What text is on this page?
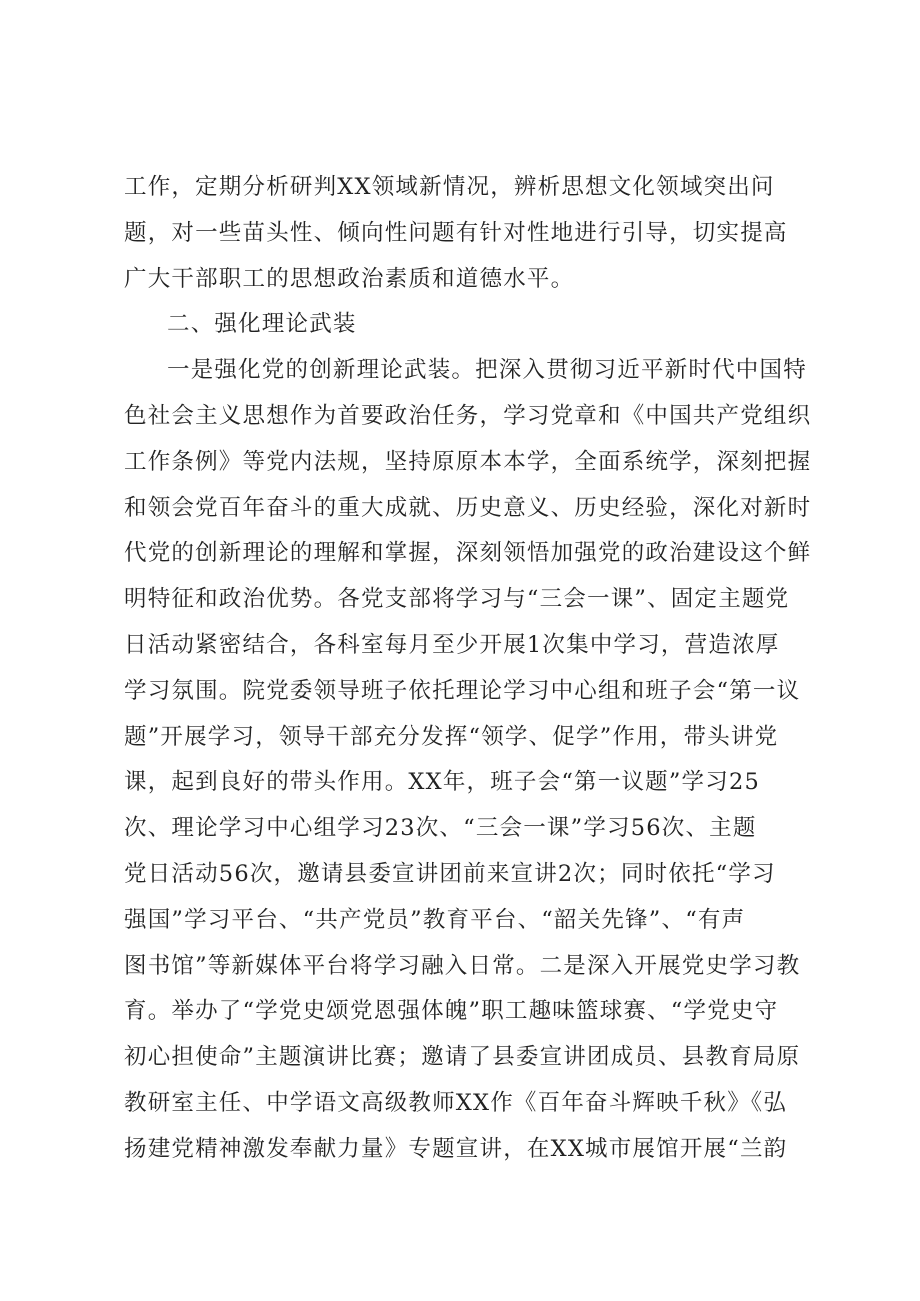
工作，定期分析研判XX领域新情况，辨析思想文化领域突出问
题，对一些苗头性、倾向性问题有针对性地进行引导，切实提高
广大干部职工的思想政治素质和道德水平。
二、强化理论武装
一是强化党的创新理论武装。把深入贯彻习近平新时代中国特
色社会主义思想作为首要政治任务，学习党章和《中国共产党组织
工作条例》等党内法规，坚持原原本本学，全面系统学，深刻把握
和领会党百年奋斗的重大成就、历史意义、历史经验，深化对新时
代党的创新理论的理解和掌握，深刻领悟加强党的政治建设这个鲜
明特征和政治优势。各党支部将学习与“三会一课”、固定主题党
日活动紧密结合，各科室每月至少开展1次集中学习，营造浓厚
学习氛围。院党委领导班子依托理论学习中心组和班子会“第一议
题”开展学习，领导干部充分发挥“领学、促学”作用，带头讲党
课，起到良好的带头作用。XX年，班子会“第一议题”学习25
次、理论学习中心组学习23次、“三会一课”学习56次、主题
党日活动56次，邀请县委宣讲团前来宣讲2次；同时依托“学习
强国”学习平台、“共产党员”教育平台、“韶关先锋”、“有声
图书馆”等新媒体平台将学习融入日常。二是深入开展党史学习教
育。举办了“学党史颂党恩强体魄”职工趣味篮球赛、“学党史守
初心担使命”主题演讲比赛；邀请了县委宣讲团成员、县教育局原
教研室主任、中学语文高级教师XX作《百年奋斗辉映千秋》《弘
扬建党精神激发奉献力量》专题宣讲，在XX城市展馆开展“兰韵
